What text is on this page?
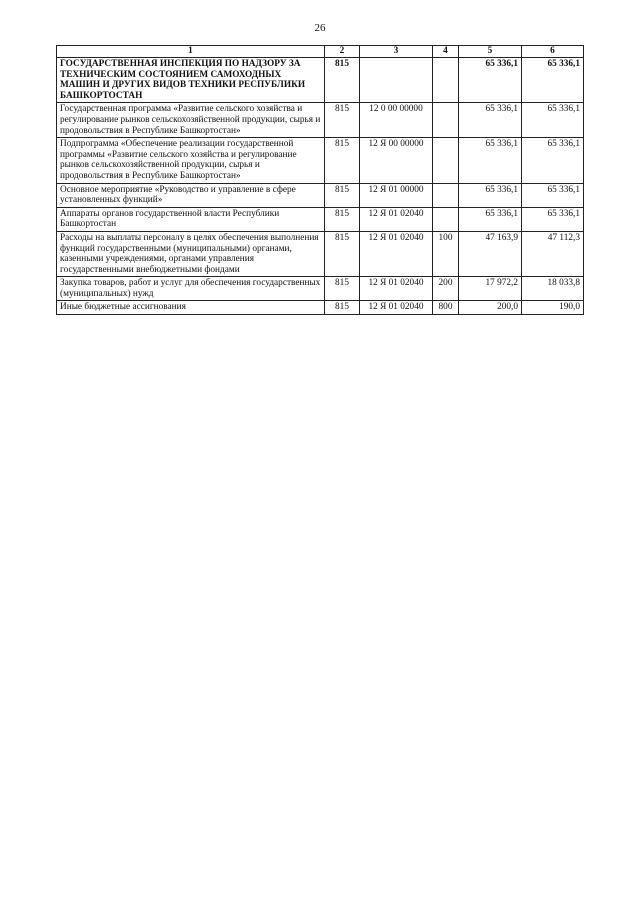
26
1	2	3	4	5	6
ГОСУДАРСТВЕННАЯ ИНСПЕКЦИЯ ПО НАДЗОРУ ЗА ТЕХНИЧЕСКИМ СОСТОЯНИЕМ САМОХОДНЫХ МАШИН И ДРУГИХ ВИДОВ ТЕХНИКИ РЕСПУБЛИКИ БАШКОРТОСТАН	815			65 336,1	65 336,1
Государственная программа «Развитие сельского хозяйства и регулирование рынков сельскохозяйственной продукции, сырья и продовольствия в Республике Башкортостан»	815	12 0 00 00000		65 336,1	65 336,1
Подпрограмма «Обеспечение реализации государственной программы «Развитие сельского хозяйства и регулирование рынков сельскохозяйственной продукции, сырья и продовольствия в Республике Башкортостан»	815	12 Я 00 00000		65 336,1	65 336,1
Основное мероприятие «Руководство и управление в сфере установленных функций»	815	12 Я 01 00000		65 336,1	65 336,1
Аппараты органов государственной власти Республики Башкортостан	815	12 Я 01 02040		65 336,1	65 336,1
Расходы на выплаты персоналу в целях обеспечения выполнения функций государственными (муниципальными) органами, казенными учреждениями, органами управления государственными внебюджетными фондами	815	12 Я 01 02040	100	47 163,9	47 112,3
Закупка товаров, работ и услуг для обеспечения государственных (муниципальных) нужд	815	12 Я 01 02040	200	17 972,2	18 033,8
Иные бюджетные ассигнования	815	12 Я 01 02040	800	200,0	190,0
